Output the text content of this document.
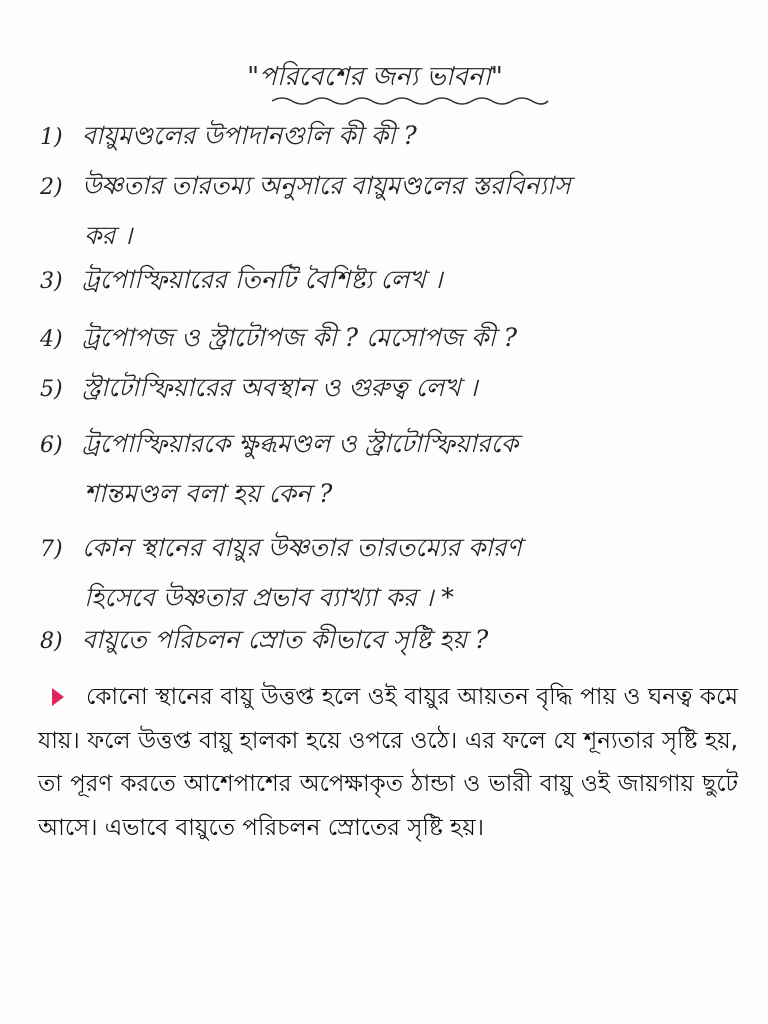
"পরিবেশের জন্য ভাবনা"
1) বায়ুমণ্ডলের উপাদানগুলি কী কী ?
2) উষ্ণতার তারতম্য অনুসারে বায়ুমণ্ডলের স্তরবিন্যাস
কর ।
3) ট্রপোস্ফিয়ারের তিনটি বৈশিষ্ট্য লেখ ।
4) ট্রপোপজ ও স্ট্রাটোপজ কী ? মেসোপজ কী ?
5) স্ট্রাটোস্ফিয়ারের অবস্থান ও গুরুত্ব লেখ ।
6) ট্রপোস্ফিয়ারকে ক্ষুব্ধমণ্ডল ও স্ট্রাটোস্ফিয়ারকে
শান্তমণ্ডল বলা হয় কেন ?
7) কোন স্থানের বায়ুর উষ্ণতার তারতম্যের কারণ
হিসেবে উষ্ণতার প্রভাব ব্যাখ্যা কর । *
8) বায়ুতে পরিচলন স্রোত কীভাবে সৃষ্টি হয় ?
কোনো স্থানের বায়ু উত্তপ্ত হলে ওই বায়ুর আয়তন বৃদ্ধি পায় ও ঘনত্ব কমে যায়। ফলে উত্তপ্ত বায়ু হালকা হয়ে ওপরে ওঠে। এর ফলে যে শূন্যতার সৃষ্টি হয়, তা পূরণ করতে আশেপাশের অপেক্ষাকৃত ঠান্ডা ও ভারী বায়ু ওই জায়গায় ছুটে আসে। এভাবে বায়ুতে পরিচলন স্রোতের সৃষ্টি হয়।
